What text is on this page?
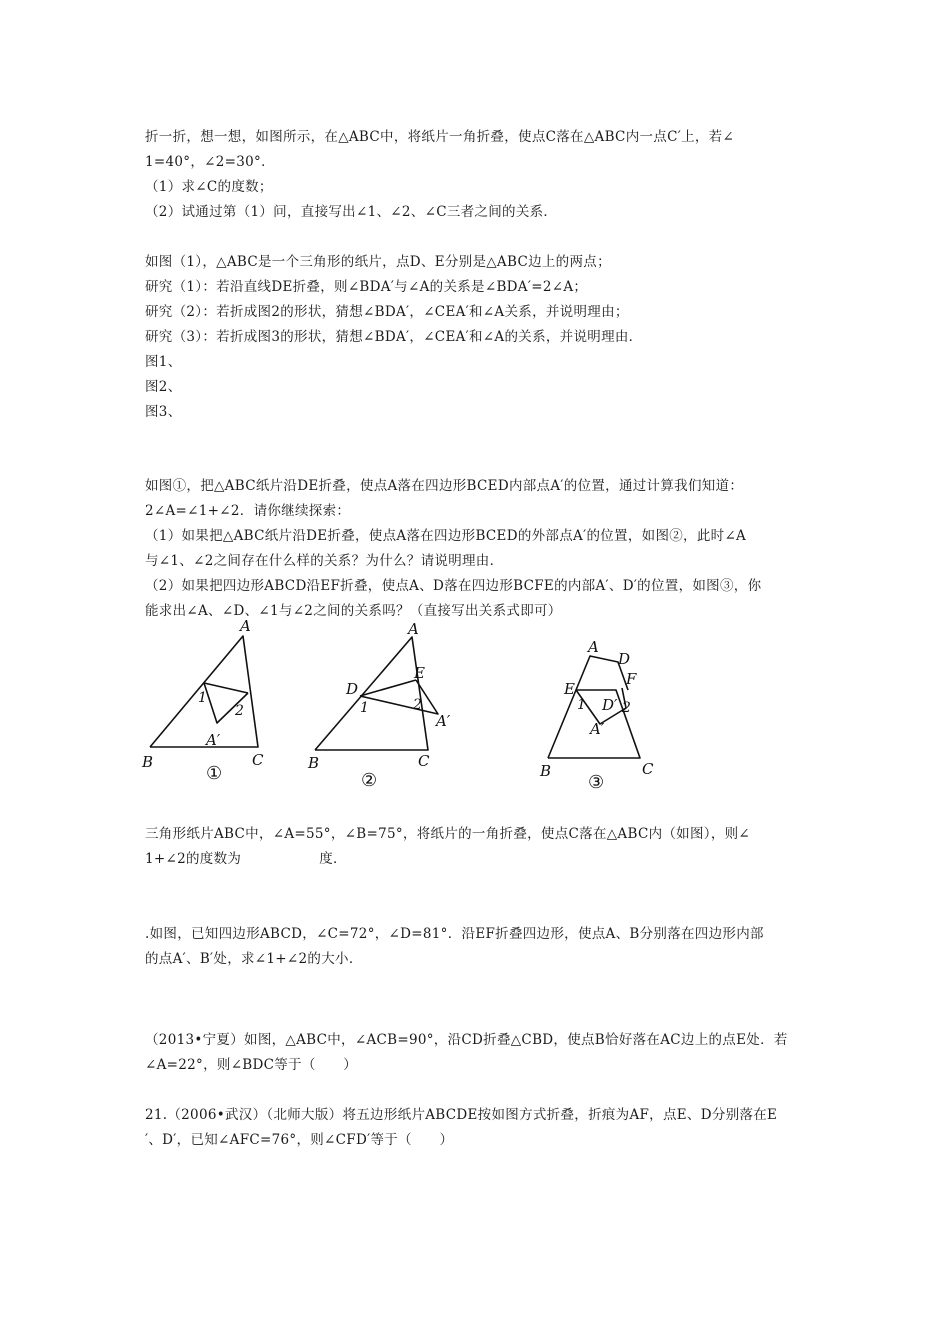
折一折，想一想，如图所示，在△ABC中，将纸片一角折叠，使点C落在△ABC内一点C′上，若∠
1=40°，∠2=30°．
（1）求∠C的度数；
（2）试通过第（1）问，直接写出∠1、∠2、∠C三者之间的关系．
如图（1），△ABC是一个三角形的纸片，点D、E分别是△ABC边上的两点；
研究（1）：若沿直线DE折叠，则∠BDA′与∠A的关系是∠BDA′=2∠A；
研究（2）：若折成图2的形状，猜想∠BDA′，∠CEA′和∠A关系，并说明理由；
研究（3）：若折成图3的形状，猜想∠BDA′，∠CEA′和∠A的关系，并说明理由．
图1、
图2、
图3、
如图①，把△ABC纸片沿DE折叠，使点A落在四边形BCED内部点A′的位置，通过计算我们知道：
2∠A=∠1+∠2．请你继续探索：
（1）如果把△ABC纸片沿DE折叠，使点A落在四边形BCED的外部点A′的位置，如图②，此时∠A
与∠1、∠2之间存在什么样的关系？为什么？请说明理由．
（2）如果把四边形ABCD沿EF折叠，使点A、D落在四边形BCFE的内部A′、D′的位置，如图③，你
能求出∠A、∠D、∠1与∠2之间的关系吗？（直接写出关系式即可）
A
B	C
A′
1
2
①
A
B	C
D
E
A′
1	2
②
A
D
E
F
D′
A′
B	C
1	2
③
三角形纸片ABC中，∠A=55°，∠B=75°，将纸片的一角折叠，使点C落在△ABC内（如图），则∠
1+∠2的度数为	度．
.如图，已知四边形ABCD，∠C=72°，∠D=81°．沿EF折叠四边形，使点A、B分别落在四边形内部
的点A′、B′处，求∠1+∠2的大小．
（2013•宁夏）如图，△ABC中，∠ACB=90°，沿CD折叠△CBD，使点B恰好落在AC边上的点E处．若
∠A=22°，则∠BDC等于（　　）
21.（2006•武汉）（北师大版）将五边形纸片ABCDE按如图方式折叠，折痕为AF，点E、D分别落在E
′、D′，已知∠AFC=76°，则∠CFD′等于（　　）
